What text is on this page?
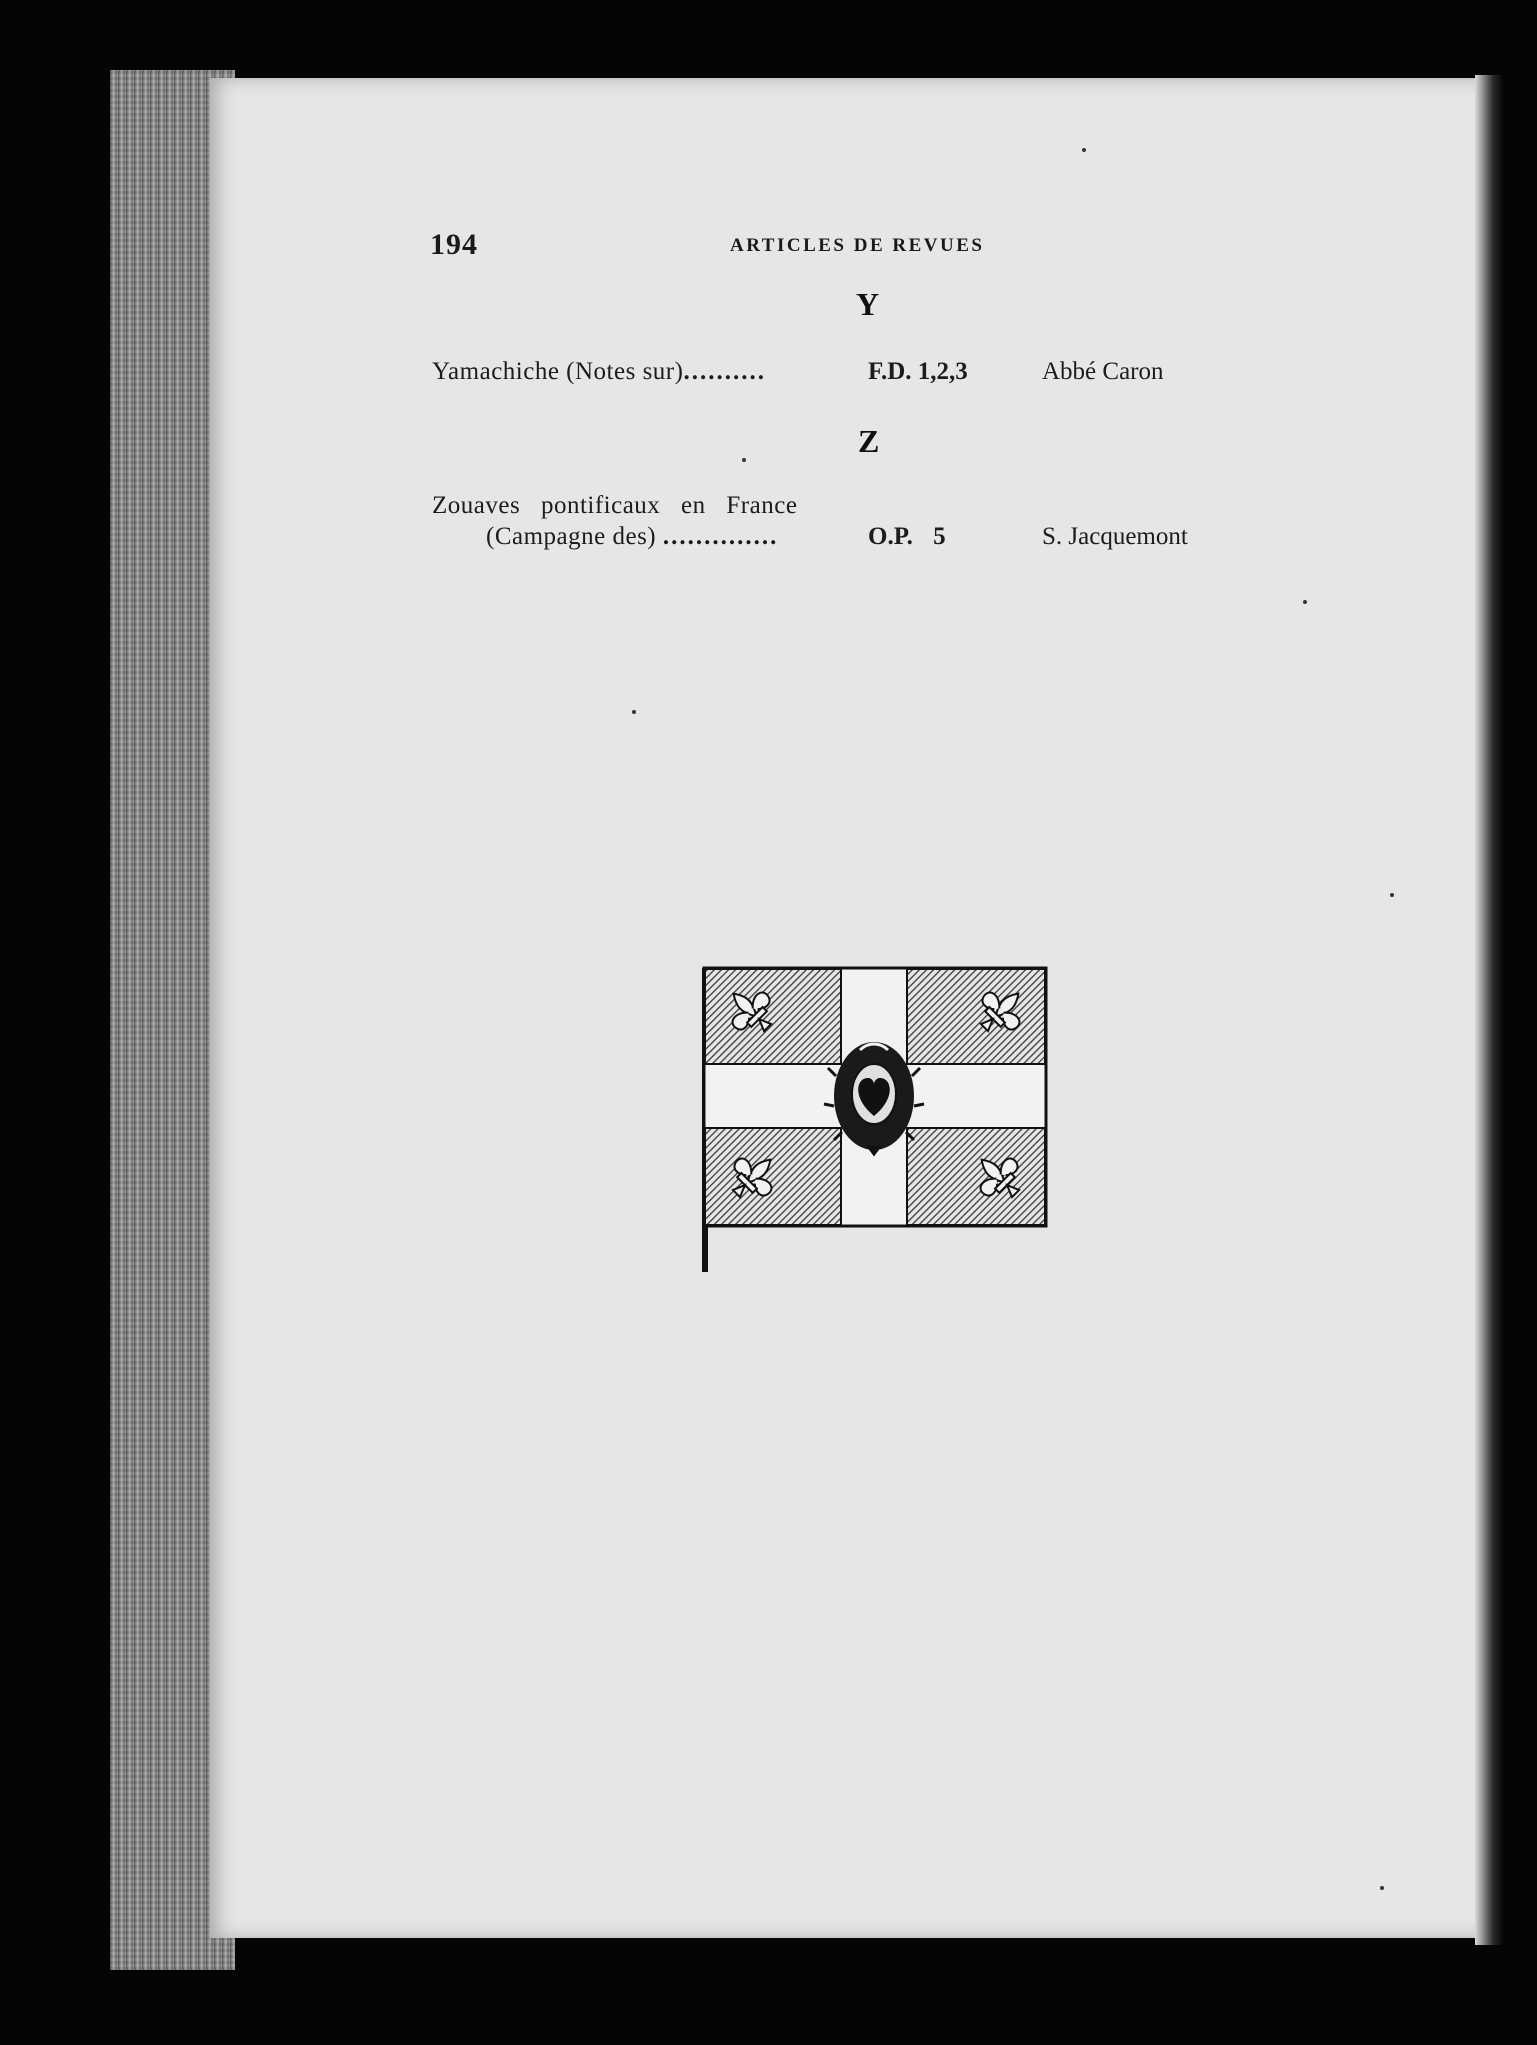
194	ARTICLES DE REVUES
Y
Yamachiche (Notes sur)..........	F.D. 1,2,3	Abbé Caron
Z
Zouaves pontificaux en France
(Campagne des) ..............	O.P. 5	S. Jacquemont
